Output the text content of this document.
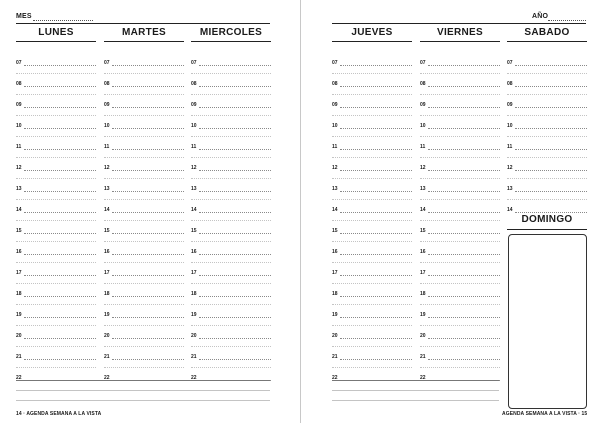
MES
LUNES
07
08
09
10
11
12
13
14
15
16
17
18
19
20
21
22
MARTES
07
08
09
10
11
12
13
14
15
16
17
18
19
20
21
22
MIERCOLES
07
08
09
10
11
12
13
14
15
16
17
18
19
20
21
22
14 · AGENDA SEMANA A LA VISTA
AÑO
JUEVES
07
08
09
10
11
12
13
14
15
16
17
18
19
20
21
22
VIERNES
07
08
09
10
11
12
13
14
15
16
17
18
19
20
21
22
SABADO
07
08
09
10
11
12
13
14
DOMINGO
AGENDA SEMANA A LA VISTA · 15
